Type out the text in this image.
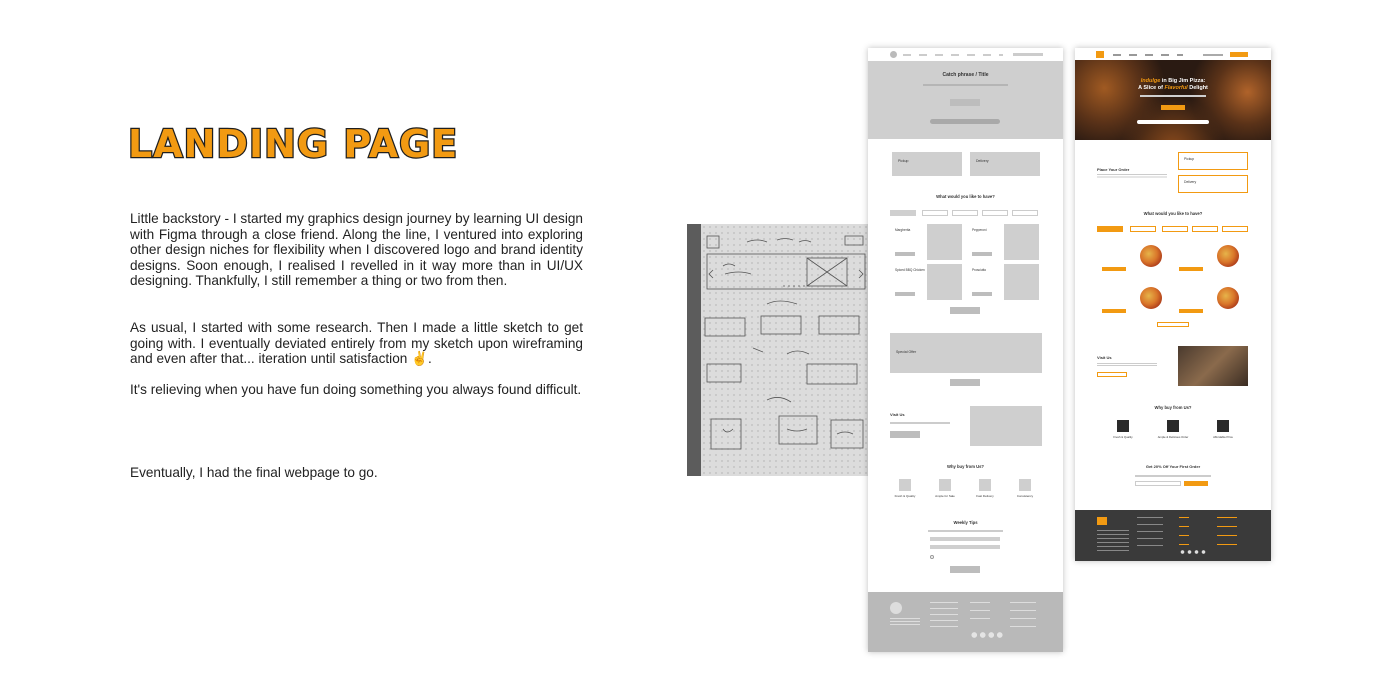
LANDING PAGE

Little backstory - I started my graphics design journey by learning UI design with Figma through a close friend. Along the line, I ventured into exploring other design niches for flexibility when I discovered logo and brand identity designs. Soon enough, I realised I revelled in it way more than in UI/UX designing. Thankfully, I still remember a thing or two from then.

As usual, I started with some research. Then I made a little sketch to get going with. I eventually deviated entirely from my sketch upon wireframing and even after that... iteration until satisfaction ✌️.

It's relieving when you have fun doing something you always found difficult.

Eventually, I had the final webpage to go.

Catch phrase / Title
Pickup	Delivery
What would you like to have?
Margherita	Pepperoni
Spiced BBQ Chicken	Prosciutto
Special Offer
Visit Us
Why buy from Us?
Fresh & Quality	Ample for Sale	Fast Delivery	Consistency
Weekly Tips
Indulge in Big Jim Pizza:
A Slice of Flavorful Delight
Place Your Order
Pickup
Delivery
What would you like to have?
Visit Us
Why buy from Us?
Fresh & Quality	Ample & Delicious Order	Affordable Price
Get 20% Off Your First Order
